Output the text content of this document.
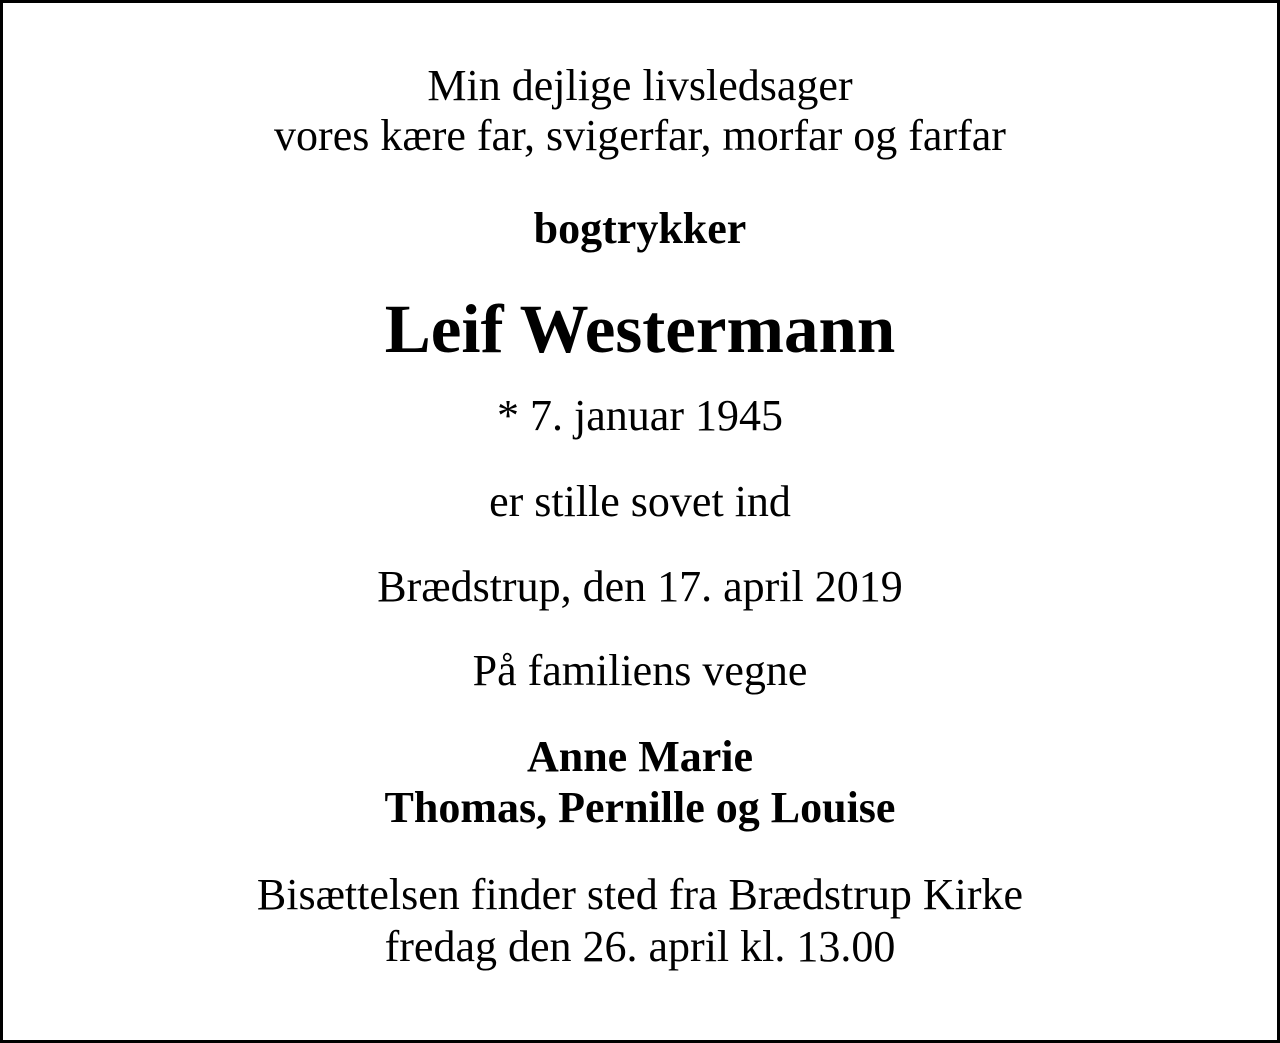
Min dejlige livsledsager
vores kære far, svigerfar, morfar og farfar
bogtrykker
Leif Westermann
* 7. januar 1945
er stille sovet ind
Brædstrup, den 17. april 2019
På familiens vegne
Anne Marie
Thomas, Pernille og Louise
Bisættelsen finder sted fra Brædstrup Kirke
fredag den 26. april kl. 13.00
